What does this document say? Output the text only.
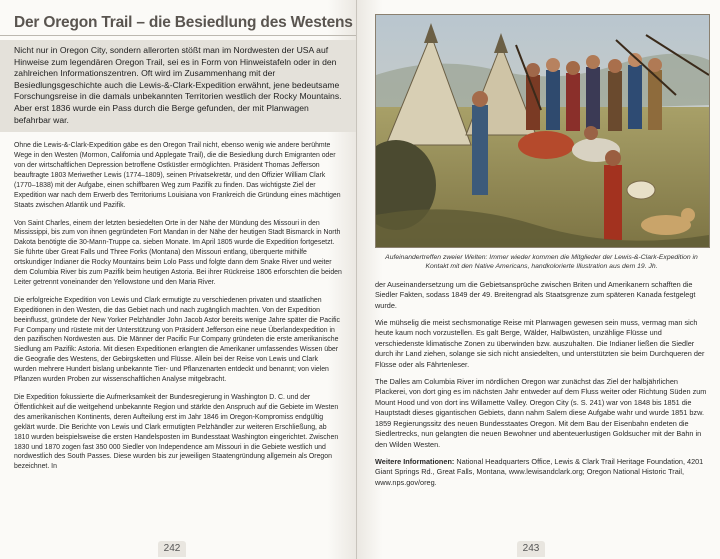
Der Oregon Trail – die Besiedlung des Westens
Nicht nur in Oregon City, sondern allerorten stößt man im Nordwesten der USA auf Hinweise zum legendären Oregon Trail, sei es in Form von Hinweistafeln oder in den zahlreichen Informationszentren. Oft wird im Zusammenhang mit der Besiedlungsgeschichte auch die Lewis-&-Clark-Expedition erwähnt, jene bedeutsame Forschungsreise in die damals unbekannten Territorien westlich der Rocky Mountains. Aber erst 1836 wurde ein Pass durch die Berge gefunden, der mit Planwagen befahrbar war.

Ohne die Lewis-&-Clark-Expedition gäbe es den Oregon Trail nicht, ebenso wenig wie andere berühmte Wege in den Westen (Mormon, California und Applegate Trail), die die Besiedlung durch Emigranten oder von der wirtschaftlichen Depression betroffene Ostküstler ermöglichten. Präsident Thomas Jefferson beauftragte 1803 Meriwether Lewis (1774–1809), seinen Privatsekretär, und den Offizier William Clark (1770–1838) mit der Aufgabe, einen schiffbaren Weg zum Pazifik zu finden. Das wichtigste Ziel der Expedition war nach dem Erwerb des Territoriums Louisiana von Frankreich die Gründung eines mächtigen Staats zwischen Atlantik und Pazifik.

Von Saint Charles, einem der letzten besiedelten Orte in der Nähe der Mündung des Missouri in den Mississippi, bis zum von ihnen gegründeten Fort Mandan in der Nähe der heutigen Stadt Bismarck in North Dakota benötigte die 30-Mann-Truppe ca. sieben Monate. Im April 1805 wurde die Expedition fortgesetzt. Sie führte über Great Falls und Three Forks (Montana) den Missouri entlang, überquerte mithilfe ortskundiger Indianer die Rocky Mountains beim Lolo Pass und folgte dann dem Snake River und weiter dem Columbia River bis zum Pazifik beim heutigen Astoria. Bei ihrer Rückreise 1806 erforschten die beiden Leiter getrennt voneinander den Yellowstone und den Maria River.

Die erfolgreiche Expedition von Lewis und Clark ermutigte zu verschiedenen privaten und staatlichen Expeditionen in den Westen, die das Gebiet nach und nach zugänglich machten. Von der Expedition beeinflusst, gründete der New Yorker Pelzhändler John Jacob Astor bereits wenige Jahre später die Pacific Fur Company und rüstete mit der Unterstützung von Präsident Jefferson eine neue Überlandexpedition in den pazifischen Nordwesten aus. Die Männer der Pacific Fur Company gründeten die erste amerikanische Siedlung am Pazifik: Astoria. Mit diesen Expeditionen erlangten die Amerikaner umfassendes Wissen über die Geografie des Westens, der Gebirgsketten und Flüsse. Allein bei der Reise von Lewis und Clark wurden mehrere Hundert bislang unbekannte Tier- und Pflanzenarten entdeckt und benannt; von vielen Pflanzen wurden Proben zur wissenschaftlichen Analyse mitgebracht.

Die Expedition fokussierte die Aufmerksamkeit der Bundesregierung in Washington D. C. und der Öffentlichkeit auf die weitgehend unbekannte Region und stärkte den Anspruch auf die Gebiete im Westen des amerikanischen Kontinents, deren Aufteilung erst im Jahr 1846 im Oregon-Kompromiss endgültig geklärt wurde. Die Berichte von Lewis und Clark ermutigten Pelzhändler zur weiteren Erschließung, ab 1810 wurden beispielsweise die ersten Handelsposten im Bundesstaat Washington eingerichtet. Zwischen 1830 und 1870 zogen fast 350 000 Siedler von Independence am Missouri in die Gebiete westlich und nordwestlich des South Passes. Diese wurden bis zur jeweiligen Staatengründung allgemein als Oregon bezeichnet. In

242
Aufeinandertreffen zweier Welten: Immer wieder kommen die Mitglieder der Lewis-&-Clark-Expedition in Kontakt mit den Native Americans, handkolorierte Illustration aus dem 19. Jh.

der Auseinandersetzung um die Gebietsansprüche zwischen Briten und Amerikanern schafften die Siedler Fakten, sodass 1849 der 49. Breitengrad als Staatsgrenze zum späteren Kanada festgelegt wurde.

Wie mühselig die meist sechsmonatige Reise mit Planwagen gewesen sein muss, vermag man sich heute kaum noch vorzustellen. Es galt Berge, Wälder, Halbwüsten, unzählige Flüsse und verschiedenste klimatische Zonen zu überwinden bzw. auszuhalten. Die Indianer ließen die Siedler durch ihr Land ziehen, solange sie sich nicht ansiedelten, und unterstützten sie beim Durchqueren der Flüsse oder als Fährtenleser.

The Dalles am Columbia River im nördlichen Oregon war zunächst das Ziel der halbjährlichen Plackerei, von dort ging es im nächsten Jahr entweder auf dem Fluss weiter oder Richtung Süden zum Mount Hood und von dort ins Willamette Valley. Oregon City (s. S. 241) war von 1848 bis 1851 die Hauptstadt dieses gigantischen Gebiets, dann nahm Salem diese Aufgabe wahr und wurde 1851 bzw. 1859 Regierungssitz des neuen Bundesstaates Oregon. Mit dem Bau der Eisenbahn endeten die Siedlertrecks, nun gelangten die neuen Bewohner und abenteuerlustigen Goldsucher mit der Bahn in den Wilden Westen.

Weitere Informationen: National Headquarters Office, Lewis & Clark Trail Heritage Foundation, 4201 Giant Springs Rd., Great Falls, Montana, www.lewisandclark.org; Oregon National Historic Trail, www.nps.gov/oreg.

243
